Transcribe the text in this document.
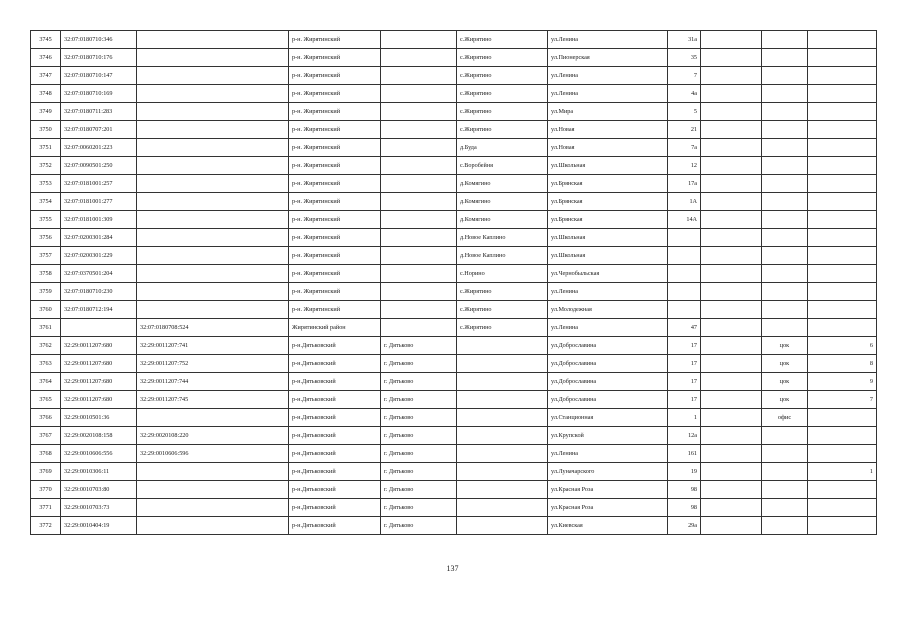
3745	32:07:0180710:346		р-н. Жирятинский		с.Жирятино	ул.Ленина	31а			
3746	32:07:0180710:176		р-н. Жирятинский		с.Жирятино	ул.Пионерская	35			
3747	32:07:0180710:147		р-н. Жирятинский		с.Жирятино	ул.Ленина	7			
3748	32:07:0180710:169		р-н. Жирятинский		с.Жирятино	ул.Ленина	4а			
3749	32:07:0180711:283		р-н. Жирятинский		с.Жирятино	ул.Мира	5			
3750	32:07:0180707:201		р-н. Жирятинский		с.Жирятино	ул.Новая	21			
3751	32:07:0060201:223		р-н. Жирятинский		д.Буда	ул.Новая	7а			
3752	32:07:0090501:250		р-н. Жирятинский		с.Воробейня	ул.Школьная	12			
3753	32:07:0181001:257		р-н. Жирятинский		д.Комягино	ул.Брянская	17а			
3754	32:07:0181001:277		р-н. Жирятинский		д.Комягино	ул.Брянская	1А			
3755	32:07:0181001:309		р-н. Жирятинский		д.Комягино	ул.Брянская	14А			
3756	32:07:0200301:284		р-н. Жирятинский		д.Новое Каплино	ул.Школьная				
3757	32:07:0200301:229		р-н. Жирятинский		д.Новое Каплино	ул.Школьная				
3758	32:07:0370501:204		р-н. Жирятинский		с.Норино	ул.Чернобыльская				
3759	32:07:0180710:230		р-н. Жирятинский		с.Жирятино	ул.Ленина				
3760	32:07:0180712:194		р-н. Жирятинский		с.Жирятино	ул.Молодежная				
3761		32:07:0180708:524	Жирятинский район		с.Жирятино	ул.Ленина	47			
3762	32:29:0011207:680	32:29:0011207:741	р-н.Дятьковский	г. Дятьково		ул.Доброславина	17		цок	6
3763	32:29:0011207:680	32:29:0011207:752	р-н.Дятьковский	г. Дятьково		ул.Доброславина	17		цок	8
3764	32:29:0011207:680	32:29:0011207:744	р-н.Дятьковский	г. Дятьково		ул.Доброславина	17		цок	9
3765	32:29:0011207:680	32:29:0011207:745	р-н.Дятьковский	г. Дятьково		ул.Доброславина	17		цок	7
3766	32:29:0010501:36		р-н.Дятьковский	г. Дятьково		ул.Станционная	1		офис	
3767	32:29:0020108:158	32:29:0020108:220	р-н.Дятьковский	г. Дятьково		ул.Крупской	12а			
3768	32:29:0010606:556	32:29:0010606:596	р-н.Дятьковский	г. Дятьково		ул.Ленина	161			
3769	32:29:0010306:11		р-н.Дятьковский	г. Дятьково		ул.Луначарского	19			1
3770	32:29:0010703:80		р-н.Дятьковский	г. Дятьково		ул.Красная Роза	98			
3771	32:29:0010703:73		р-н.Дятьковский	г. Дятьково		ул.Красная Роза	98			
3772	32:29:0010404:19		р-н.Дятьковский	г. Дятьково		ул.Киевская	29а			
137
